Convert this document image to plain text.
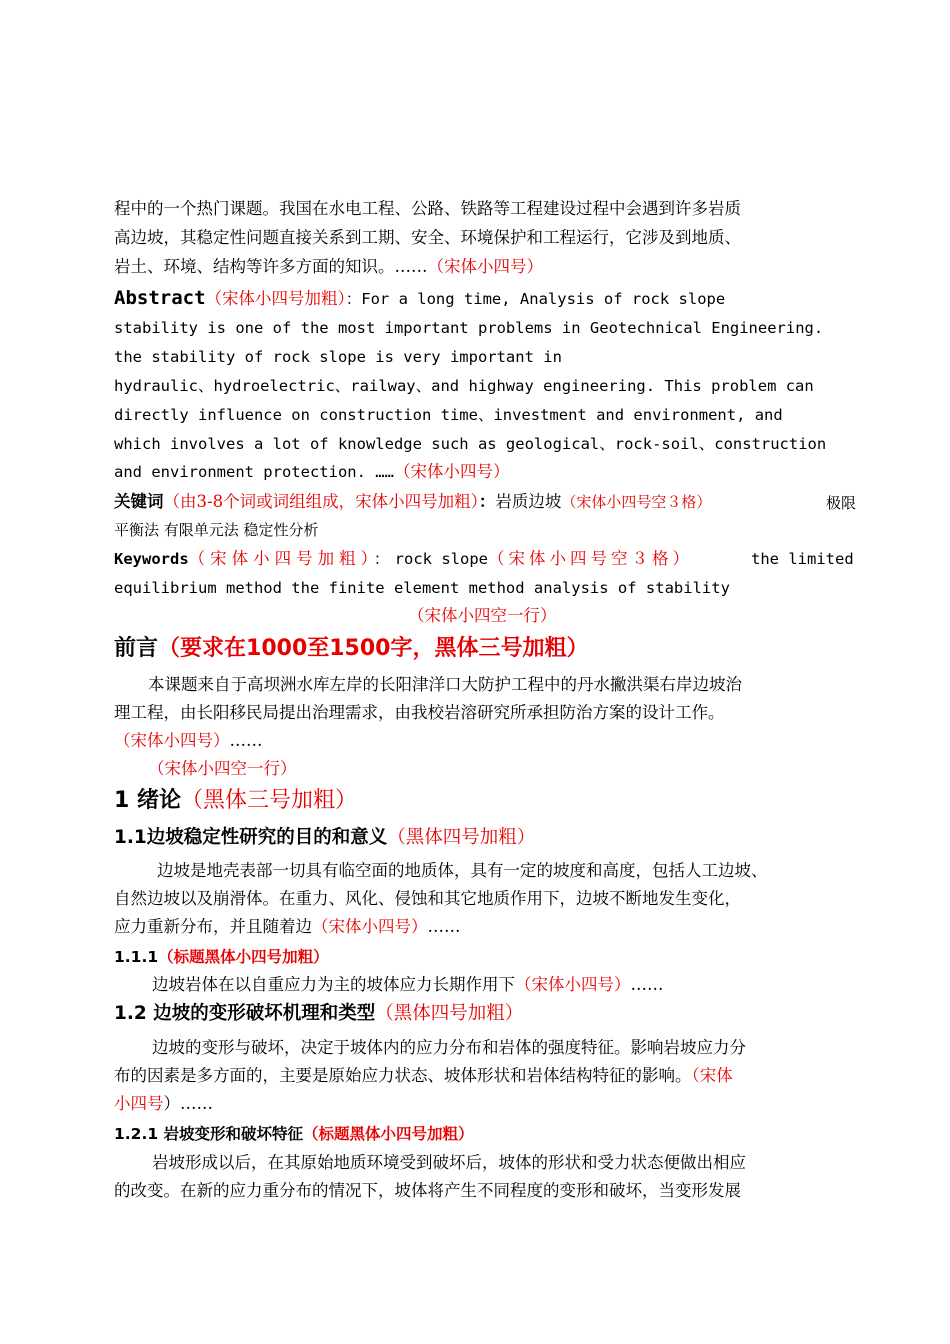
程中的一个热门课题。我国在水电工程、公路、铁路等工程建设过程中会遇到许多岩质

高边坡，其稳定性问题直接关系到工期、安全、环境保护和工程运行，它涉及到地质、

岩土、环境、结构等许多方面的知识。……（宋体小四号）

Abstract（宋体小四号加粗）：For a long time, Analysis of rock slope

stability is one of the most important problems in Geotechnical Engineering.

the stability of rock slope is very important in

hydraulic、hydroelectric、railway、and highway engineering. This problem can

directly influence on construction time、investment and environment, and

which involves a lot of knowledge such as geological、rock-soil、construction

and environment protection. ……（宋体小四号）

关键词（由3-8个词或词组组成，宋体小四号加粗）：岩质边坡（宋体小四号空３格）	极限

平衡法 有限单元法 稳定性分析

Keywords（宋体小四号加粗）： rock slope（宋体小四号空３格）	the limited

equilibrium method the finite element method analysis of stability

（宋体小四空一行）

前言（要求在1000至1500字，黑体三号加粗）

本课题来自于高坝洲水库左岸的长阳津洋口大防护工程中的丹水撇洪渠右岸边坡治

理工程，由长阳移民局提出治理需求，由我校岩溶研究所承担防治方案的设计工作。

（宋体小四号）……

（宋体小四空一行）

1 绪论（黑体三号加粗）

1.1边坡稳定性研究的目的和意义（黑体四号加粗）

边坡是地壳表部一切具有临空面的地质体，具有一定的坡度和高度，包括人工边坡、

自然边坡以及崩滑体。在重力、风化、侵蚀和其它地质作用下，边坡不断地发生变化，

应力重新分布，并且随着边（宋体小四号）……

1.1.1（标题黑体小四号加粗）

边坡岩体在以自重应力为主的坡体应力长期作用下（宋体小四号）……

1.2 边坡的变形破坏机理和类型（黑体四号加粗）

边坡的变形与破坏，决定于坡体内的应力分布和岩体的强度特征。影响岩坡应力分

布的因素是多方面的，主要是原始应力状态、坡体形状和岩体结构特征的影响。（宋体

小四号）……

1.2.1 岩坡变形和破坏特征（标题黑体小四号加粗）

岩坡形成以后，在其原始地质环境受到破坏后，坡体的形状和受力状态便做出相应

的改变。在新的应力重分布的情况下，坡体将产生不同程度的变形和破坏，当变形发展
